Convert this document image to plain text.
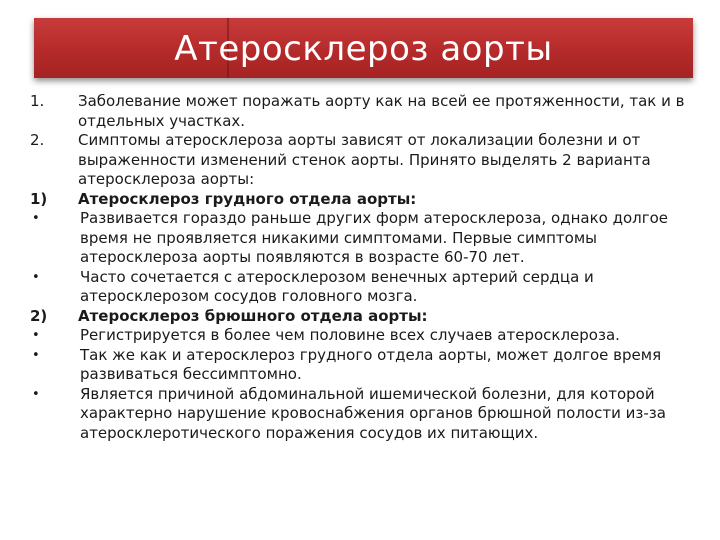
Атеросклероз аорты
1.	Заболевание может поражать аорту как на всей ее протяженности, так и в отдельных участках.
2.	Симптомы атеросклероза аорты зависят от локализации болезни и от выраженности изменений стенок аорты. Принято выделять 2 варианта атеросклероза аорты:
1)	Атеросклероз грудного отдела аорты:
•	Развивается гораздо раньше других форм атеросклероза, однако долгое время не проявляется никакими симптомами. Первые симптомы атеросклероза аорты появляются в возрасте 60-70 лет.
•	Часто сочетается с атеросклерозом венечных артерий сердца и атеросклерозом сосудов головного мозга.
2)	Атеросклероз брюшного отдела аорты:
•	Регистрируется в более чем половине всех случаев атеросклероза.
•	Так же как и атеросклероз грудного отдела аорты, может долгое время развиваться бессимптомно.
•	Является причиной абдоминальной ишемической болезни, для которой характерно нарушение кровоснабжения органов брюшной полости из-за атеросклеротического поражения сосудов их питающих.
